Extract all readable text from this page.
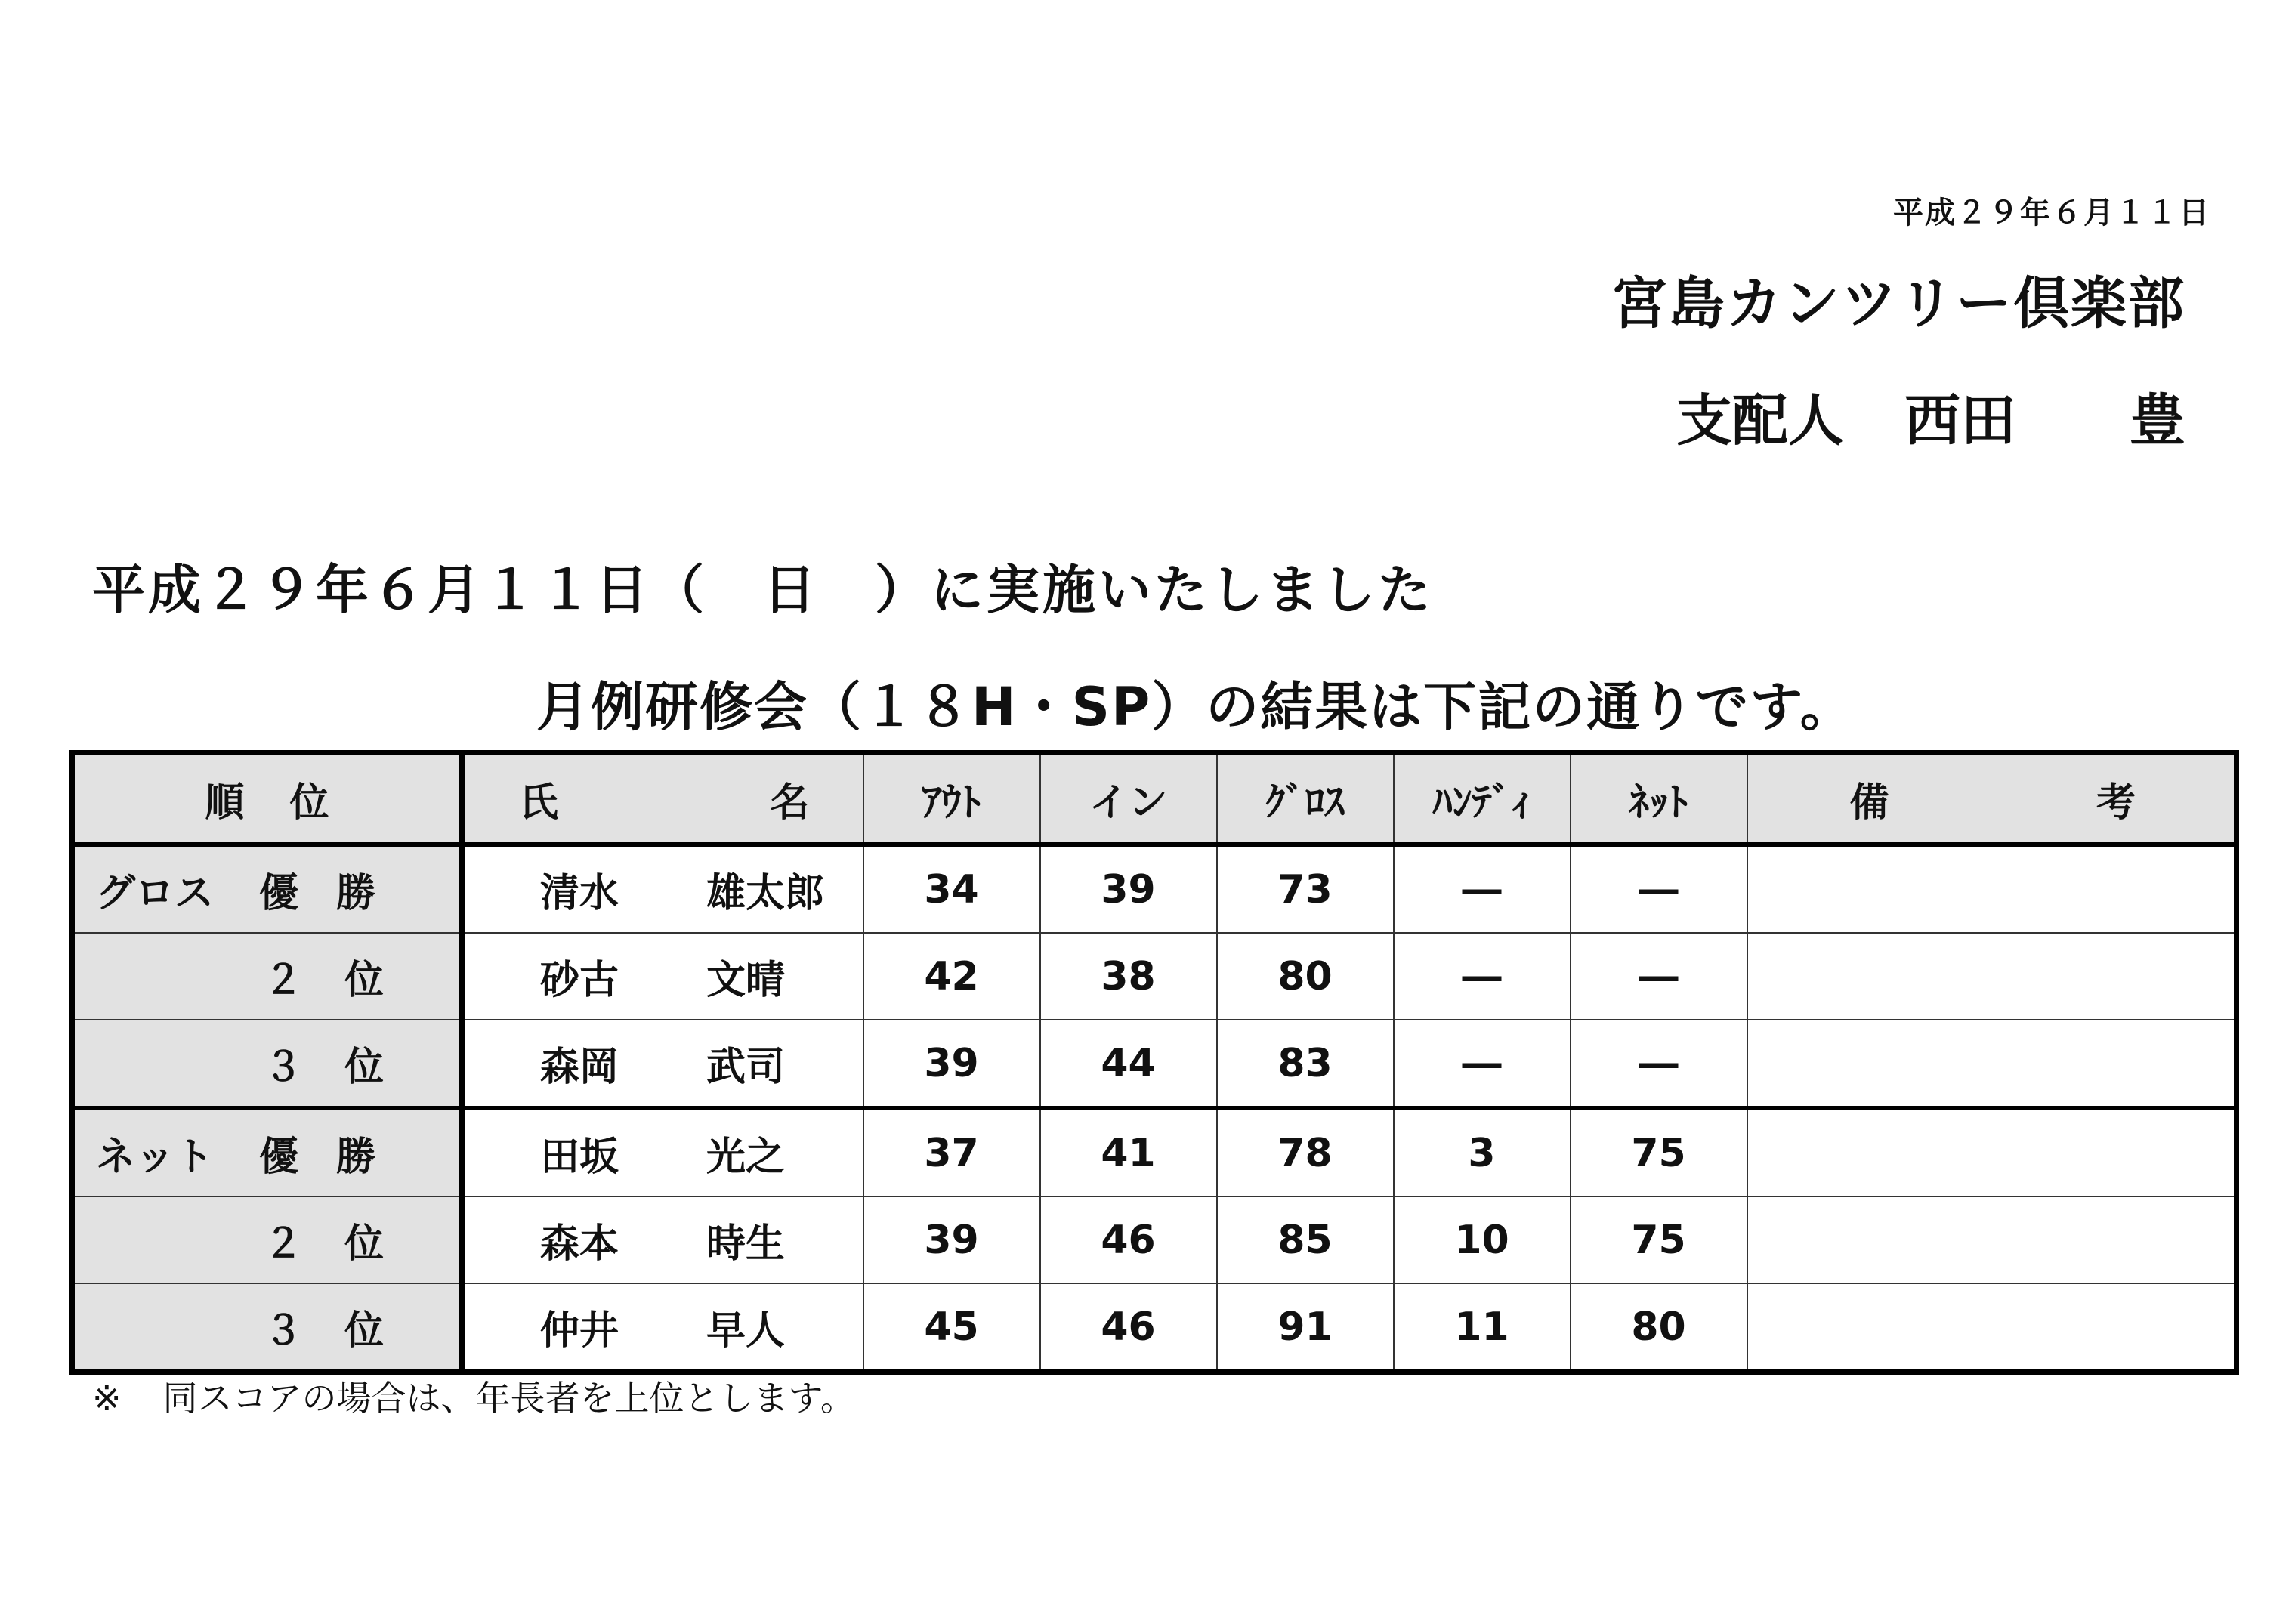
平成２９年６月１１日
宮島カンツリー倶楽部
支配人 西田 豊
平成２９年６月１１日（　日　）に実施いたしました
月例研修会（１８H・SP）の結果は下記の通りです。
順 位	氏 名	ｱｳﾄ	イン	ｸﾞﾛｽ	ﾊﾝﾃﾞｨ	ﾈｯﾄ	備 考

グロス 優 勝	清水 雄太郎	34	39	73	―	―	

２ 位	砂古 文晴	42	38	80	―	―	

３ 位	森岡 武司	39	44	83	―	―	

ネット 優 勝	田坂 光之	37	41	78	3	75	

２ 位	森本 時生	39	46	85	10	75	

３ 位	仲井 早人	45	46	91	11	80	
※ 同スコアの場合は、年長者を上位とします。
